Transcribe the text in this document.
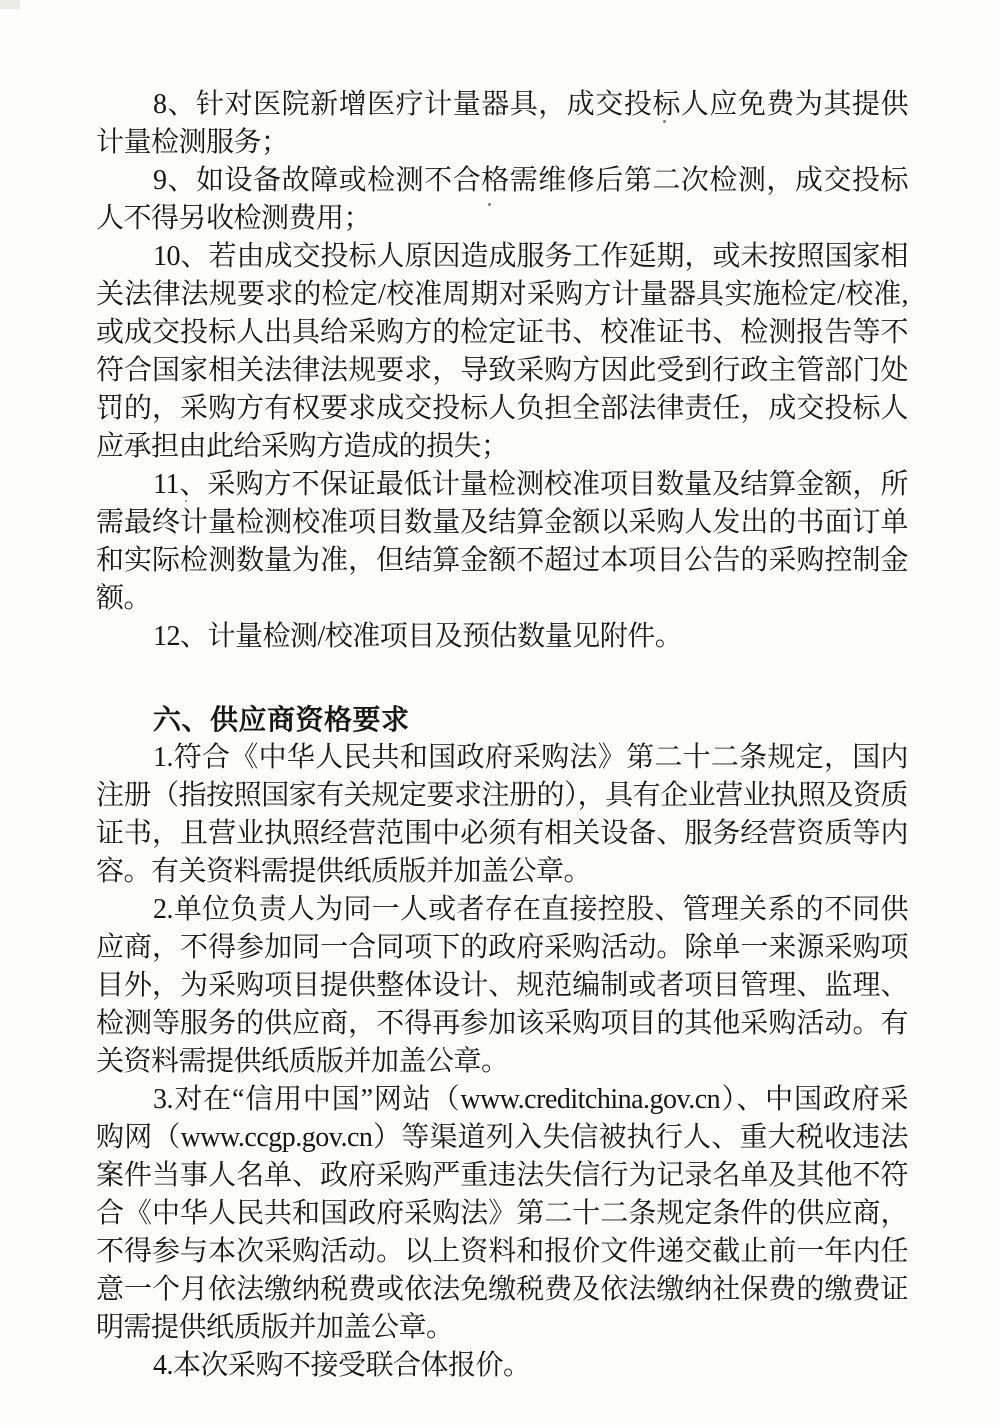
8、针对医院新增医疗计量器具，成交投标人应免费为其提供计量检测服务；

9、如设备故障或检测不合格需维修后第二次检测，成交投标人不得另收检测费用；

10、若由成交投标人原因造成服务工作延期，或未按照国家相关法律法规要求的检定/校准周期对采购方计量器具实施检定/校准,或成交投标人出具给采购方的检定证书、校准证书、检测报告等不符合国家相关法律法规要求，导致采购方因此受到行政主管部门处罚的，采购方有权要求成交投标人负担全部法律责任，成交投标人应承担由此给采购方造成的损失；

11、采购方不保证最低计量检测校准项目数量及结算金额，所需最终计量检测校准项目数量及结算金额以采购人发出的书面订单和实际检测数量为准，但结算金额不超过本项目公告的采购控制金额。

12、计量检测/校准项目及预估数量见附件。

六、供应商资格要求

1.符合《中华人民共和国政府采购法》第二十二条规定，国内注册（指按照国家有关规定要求注册的），具有企业营业执照及资质证书，且营业执照经营范围中必须有相关设备、服务经营资质等内容。有关资料需提供纸质版并加盖公章。

2.单位负责人为同一人或者存在直接控股、管理关系的不同供应商，不得参加同一合同项下的政府采购活动。除单一来源采购项目外，为采购项目提供整体设计、规范编制或者项目管理、监理、检测等服务的供应商，不得再参加该采购项目的其他采购活动。有关资料需提供纸质版并加盖公章。

3.对在“信用中国”网站（www.creditchina.gov.cn）、中国政府采购网（www.ccgp.gov.cn）等渠道列入失信被执行人、重大税收违法案件当事人名单、政府采购严重违法失信行为记录名单及其他不符合《中华人民共和国政府采购法》第二十二条规定条件的供应商，不得参与本次采购活动。以上资料和报价文件递交截止前一年内任意一个月依法缴纳税费或依法免缴税费及依法缴纳社保费的缴费证明需提供纸质版并加盖公章。

4.本次采购不接受联合体报价。
